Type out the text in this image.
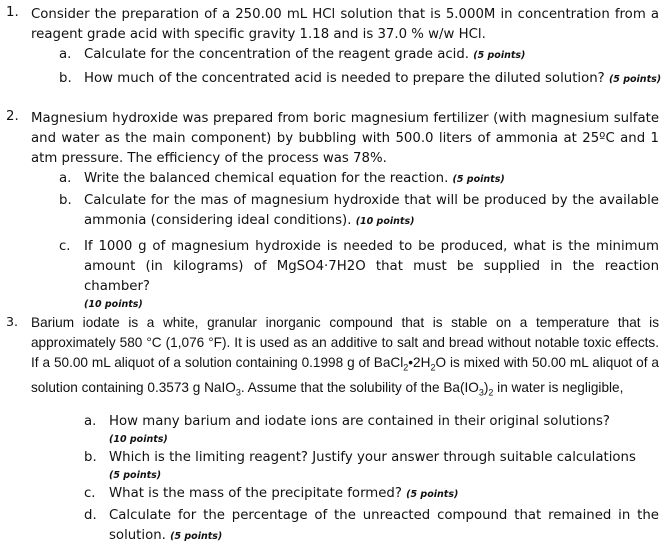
1. Consider the preparation of a 250.00 mL HCl solution that is 5.000M in concentration from a reagent grade acid with specific gravity 1.18 and is 37.0 % w/w HCl.
a. Calculate for the concentration of the reagent grade acid. (5 points)
b. How much of the concentrated acid is needed to prepare the diluted solution? (5 points)
2. Magnesium hydroxide was prepared from boric magnesium fertilizer (with magnesium sulfate and water as the main component) by bubbling with 500.0 liters of ammonia at 25ºC and 1 atm pressure. The efficiency of the process was 78%.
a. Write the balanced chemical equation for the reaction. (5 points)
b. Calculate for the mas of magnesium hydroxide that will be produced by the available ammonia (considering ideal conditions). (10 points)
c. If 1000 g of magnesium hydroxide is needed to be produced, what is the minimum amount (in kilograms) of MgSO4·7H2O that must be supplied in the reaction chamber?
(10 points)
3. Barium iodate is a white, granular inorganic compound that is stable on a temperature that is approximately 580 °C (1,076 °F). It is used as an additive to salt and bread without notable toxic effects. If a 50.00 mL aliquot of a solution containing 0.1998 g of $BaCl_2•2H_2O$ is mixed with 50.00 mL aliquot of a solution containing 0.3573 g NaIO$_3$. Assume that the solubility of the $Ba(IO_3)_2$ in water is negligible,
a. How many barium and iodate ions are contained in their original solutions?
(10 points)
b. Which is the limiting reagent? Justify your answer through suitable calculations
(5 points)
c. What is the mass of the precipitate formed? (5 points)
d. Calculate for the percentage of the unreacted compound that remained in the solution. (5 points)
